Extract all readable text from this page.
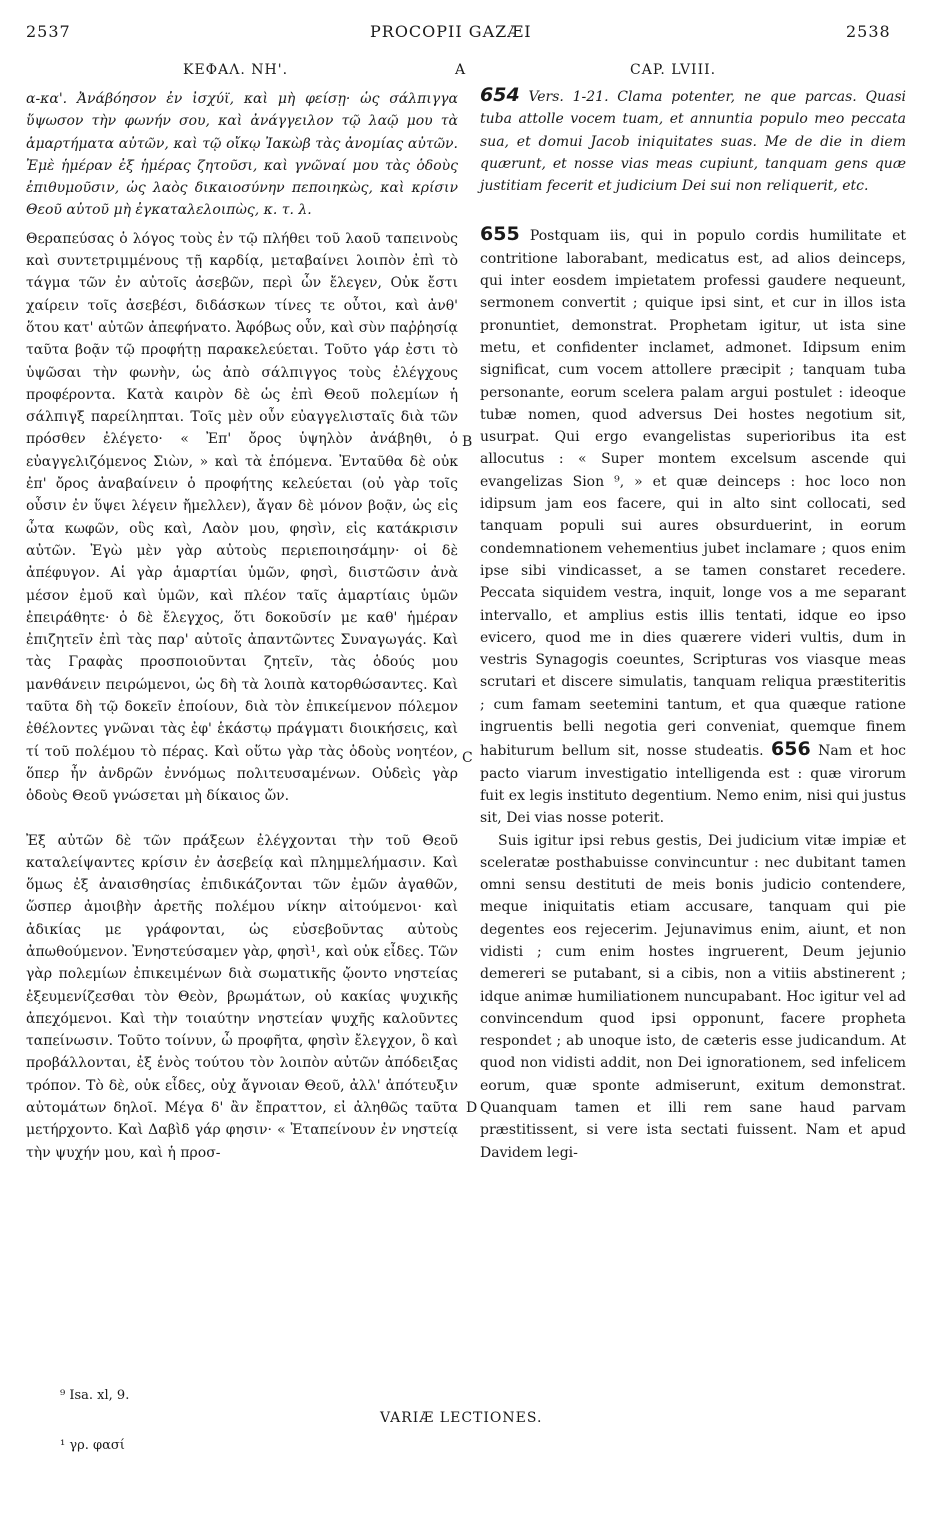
2537	PROCOPII GAZÆI	2538
ΚΕΦΑΛ. ΝΗ'.	CAP. LVIII.
A
B
C
D

α-κα'. Ἀνάβόησον ἐν ἰσχύϊ, καὶ μὴ φείσῃ· ὡς σάλπιγγα ὕψωσον τὴν φωνήν σου, καὶ ἀνάγγειλον τῷ λαῷ μου τὰ ἁμαρτήματα αὐτῶν, καὶ τῷ οἴκῳ Ἰακὼβ τὰς ἀνομίας αὐτῶν. Ἐμὲ ἡμέραν ἐξ ἡμέρας ζητοῦσι, καὶ γνῶναί μου τὰς ὁδοὺς ἐπιθυμοῦσιν, ὡς λαὸς δικαιοσύνην πεποιηκὼς, καὶ κρίσιν Θεοῦ αὐτοῦ μὴ ἐγκαταλελοιπὼς, κ. τ. λ.

Θεραπεύσας ὁ λόγος τοὺς ἐν τῷ πλήθει τοῦ λαοῦ ταπεινοὺς καὶ συντετριμμένους τῇ καρδίᾳ, μεταβαίνει λοιπὸν ἐπὶ τὸ τάγμα τῶν ἐν αὐτοῖς ἀσεβῶν, περὶ ὧν ἔλεγεν, Οὐκ ἔστι χαίρειν τοῖς ἀσεβέσι, διδάσκων τίνες τε οὗτοι, καὶ ἀνθ' ὅτου κατ' αὐτῶν ἀπεφήνατο. Ἀφόβως οὖν, καὶ σὺν παῤῥησίᾳ ταῦτα βοᾷν τῷ προφήτῃ παρακελεύεται. Τοῦτο γάρ ἐστι τὸ ὑψῶσαι τὴν φωνὴν, ὡς ἀπὸ σάλπιγγος τοὺς ἐλέγχους προφέροντα. Κατὰ καιρὸν δὲ ὡς ἐπὶ Θεοῦ πολεμίων ἡ σάλπιγξ παρείληπται. Τοῖς μὲν οὖν εὐαγγελισταῖς διὰ τῶν πρόσθεν ἐλέγετο· « Ἐπ' ὄρος ὑψηλὸν ἀνάβηθι, ὁ εὐαγγελιζόμενος Σιὼν, » καὶ τὰ ἑπόμενα. Ἐνταῦθα δὲ οὐκ ἐπ' ὄρος ἀναβαίνειν ὁ προφήτης κελεύεται (οὐ γὰρ τοῖς οὖσιν ἐν ὕψει λέγειν ἤμελλεν), ἄγαν δὲ μόνον βοᾷν, ὡς εἰς ὦτα κωφῶν, οὓς καὶ, Λαὸν μου, φησὶν, εἰς κατάκρισιν αὐτῶν. Ἐγὼ μὲν γὰρ αὐτοὺς περιεποιησάμην· οἱ δὲ ἀπέφυγον. Αἱ γὰρ ἁμαρτίαι ὑμῶν, φησὶ, διιστῶσιν ἀνὰ μέσον ἐμοῦ καὶ ὑμῶν, καὶ πλέον ταῖς ἁμαρτίαις ὑμῶν ἐπειράθητε· ὁ δὲ ἔλεγχος, ὅτι δοκοῦσίν με καθ' ἡμέραν ἐπιζητεῖν ἐπὶ τὰς παρ' αὐτοῖς ἀπαντῶντες Συναγωγάς. Καὶ τὰς Γραφὰς προσποιοῦνται ζητεῖν, τὰς ὁδούς μου μανθάνειν πειρώμενοι, ὡς δὴ τὰ λοιπὰ κατορθώσαντες. Καὶ ταῦτα δὴ τῷ δοκεῖν ἐποίουν, διὰ τὸν ἐπικείμενον πόλεμον ἐθέλοντες γνῶναι τὰς ἐφ' ἑκάστῳ πράγματι διοικήσεις, καὶ τί τοῦ πολέμου τὸ πέρας. Καὶ οὕτω γὰρ τὰς ὁδοὺς νοητέον, ὅπερ ἦν ἀνδρῶν ἐννόμως πολιτευσαμένων. Οὐδεὶς γὰρ ὁδοὺς Θεοῦ γνώσεται μὴ δίκαιος ὤν.

Ἐξ αὐτῶν δὲ τῶν πράξεων ἐλέγχονται τὴν τοῦ Θεοῦ καταλείψαντες κρίσιν ἐν ἀσεβείᾳ καὶ πλημμελήμασιν. Καὶ ὅμως ἐξ ἀναισθησίας ἐπιδικάζονται τῶν ἐμῶν ἀγαθῶν, ὥσπερ ἀμοιβὴν ἀρετῆς πολέμου νίκην αἰτούμενοι· καὶ ἀδικίας με γράφονται, ὡς εὐσεβοῦντας αὐτοὺς ἀπωθούμενον. Ἐνηστεύσαμεν γὰρ, φησὶ¹, καὶ οὐκ εἶδες. Τῶν γὰρ πολεμίων ἐπικειμένων διὰ σωματικῆς ᾤοντο νηστείας ἐξευμενίζεσθαι τὸν Θεὸν, βρωμάτων, οὐ κακίας ψυχικῆς ἀπεχόμενοι. Καὶ τὴν τοιαύτην νηστείαν ψυχῆς καλοῦντες ταπείνωσιν. Τοῦτο τοίνυν, ὦ προφῆτα, φησὶν ἔλεγχον, ὃ καὶ προβάλλονται, ἐξ ἑνὸς τούτου τὸν λοιπὸν αὐτῶν ἀπόδειξας τρόπον. Τὸ δὲ, οὐκ εἶδες, οὐχ ἄγνοιαν Θεοῦ, ἀλλ' ἀπότευξιν αὐτομάτων δηλοῖ. Μέγα δ' ἂν ἔπραττον, εἰ ἀληθῶς ταῦτα μετήρχοντο. Καὶ Δαβὶδ γάρ φησιν· « Ἐταπείνουν ἐν νηστείᾳ τὴν ψυχήν μου, καὶ ἡ προσ-

654 Vers. 1-21. Clama potenter, ne que parcas. Quasi tuba attolle vocem tuam, et annuntia populo meo peccata sua, et domui Jacob iniquitates suas. Me de die in diem quærunt, et nosse vias meas cupiunt, tanquam gens quæ justitiam fecerit et judicium Dei sui non reliquerit, etc.

655 Postquam iis, qui in populo cordis humilitate et contritione laborabant, medicatus est, ad alios deinceps, qui inter eosdem impietatem professi gaudere nequeunt, sermonem convertit ; quique ipsi sint, et cur in illos ista pronuntiet, demonstrat. Prophetam igitur, ut ista sine metu, et confidenter inclamet, admonet. Idipsum enim significat, cum vocem attollere præcipit ; tanquam tuba personante, eorum scelera palam argui postulet : ideoque tubæ nomen, quod adversus Dei hostes negotium sit, usurpat. Qui ergo evangelistas superioribus ita est allocutus : « Super montem excelsum ascende qui evangelizas Sion ⁹, » et quæ deinceps : hoc loco non idipsum jam eos facere, qui in alto sint collocati, sed tanquam populi sui aures obsurduerint, in eorum condemnationem vehementius jubet inclamare ; quos enim ipse sibi vindicasset, a se tamen constaret recedere. Peccata siquidem vestra, inquit, longe vos a me separant intervallo, et amplius estis illis tentati, idque eo ipso evicero, quod me in dies quærere videri vultis, dum in vestris Synagogis coeuntes, Scripturas vos viasque meas scrutari et discere simulatis, tanquam reliqua præstiteritis ; cum famam seetemini tantum, et qua quæque ratione ingruentis belli negotia geri conveniat, quemque finem habiturum bellum sit, nosse studeatis. 656 Nam et hoc pacto viarum investigatio intelligenda est : quæ virorum fuit ex legis instituto degentium. Nemo enim, nisi qui justus sit, Dei vias nosse poterit.

Suis igitur ipsi rebus gestis, Dei judicium vitæ impiæ et sceleratæ posthabuisse convincuntur : nec dubitant tamen omni sensu destituti de meis bonis judicio contendere, meque iniquitatis etiam accusare, tanquam qui pie degentes eos rejecerim. Jejunavimus enim, aiunt, et non vidisti ; cum enim hostes ingruerent, Deum jejunio demereri se putabant, si a cibis, non a vitiis abstinerent ; idque animæ humiliationem nuncupabant. Hoc igitur vel ad convincendum quod ipsi opponunt, facere propheta respondet ; ab unoque isto, de cæteris esse judicandum. At quod non vidisti addit, non Dei ignorationem, sed infelicem eorum, quæ sponte admiserunt, exitum demonstrat. Quanquam tamen et illi rem sane haud parvam præstitissent, si vere ista sectati fuissent. Nam et apud Davidem legi-

⁹ Isa. xl, 9.
VARIÆ LECTIONES.
¹ γρ. φασί
